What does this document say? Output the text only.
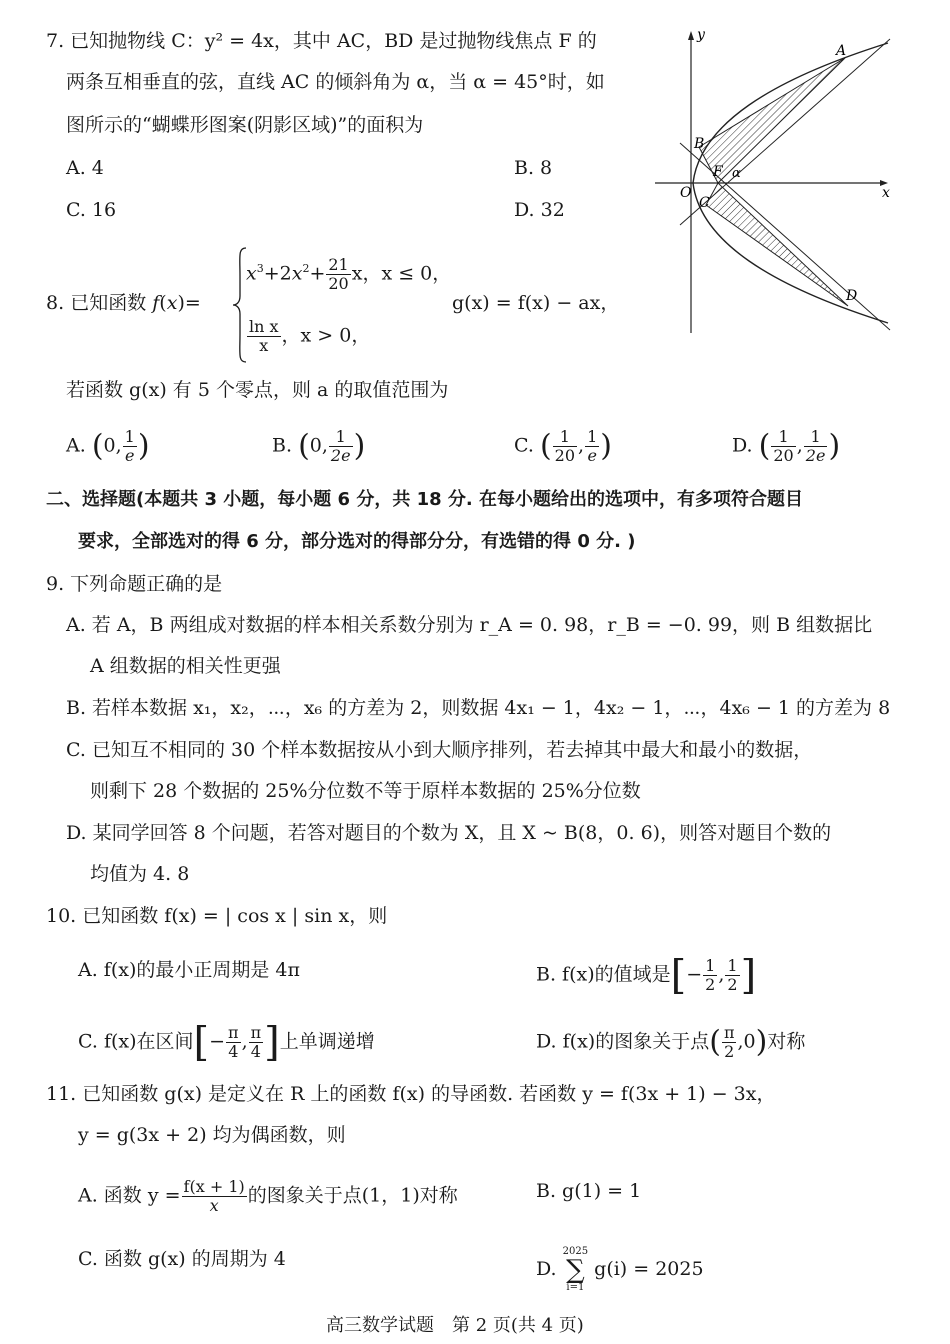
7. 已知抛物线 C：y² = 4x，其中 AC，BD 是过抛物线焦点 F 的
两条互相垂直的弦，直线 AC 的倾斜角为 α，当 α = 45°时，如
图所示的“蝴蝶形图案(阴影区域)”的面积为
A. 4	B. 8
C. 16	D. 32
y
x
O
A
B
C
D
F α
8. 已知函数 f(x)=
$x^3+2x^2+ \frac{21}{20}$ x，x ≤ 0，
$\frac{\text{ln x}}{x}$ ，x > 0，
g(x) = f(x) − ax，
若函数 g(x) 有 5 个零点，则 a 的取值范围为
A. (0, $\frac{1}{e}$ )	B. (0, $\frac{1}{2e}$ )	C. ( $\frac{1}{20}$ , $\frac{1}{e}$ )	D. ( $\frac{1}{20}$ , $\frac{1}{2e}$ )
二、选择题(本题共 3 小题，每小题 6 分，共 18 分. 在每小题给出的选项中，有多项符合题目
要求，全部选对的得 6 分，部分选对的得部分分，有选错的得 0 分. )
9. 下列命题正确的是
A. 若 A，B 两组成对数据的样本相关系数分别为 r_A = 0. 98，r_B = −0. 99，则 B 组数据比
A 组数据的相关性更强
B. 若样本数据 x₁，x₂，⋯，x₆ 的方差为 2，则数据 4x₁ − 1，4x₂ − 1，⋯，4x₆ − 1 的方差为 8
C. 已知互不相同的 30 个样本数据按从小到大顺序排列，若去掉其中最大和最小的数据，
则剩下 28 个数据的 25%分位数不等于原样本数据的 25%分位数
D. 某同学回答 8 个问题，若答对题目的个数为 X，且 X ~ B(8，0. 6)，则答对题目个数的
均值为 4. 8
10. 已知函数 f(x) = | cos x | sin x，则
A. f(x)的最小正周期是 4π	B. f(x)的值域是[− $\frac{1}{2}$ , $\frac{1}{2}$ ]
C. f(x)在区间[− $\frac{\pi}{4}$ , $\frac{\pi}{4}$ ]上单调递增	D. f(x)的图象关于点( $\frac{\pi}{2} ,0$)对称
11. 已知函数 g(x) 是定义在 R 上的函数 f(x) 的导函数. 若函数 y = f(3x + 1) − 3x，
y = g(3x + 2) 均为偶函数，则
A. 函数 $y = \frac{f(x + 1)}{x}$ 的图象关于点(1，1)对称	B. g(1) = 1
C. 函数 g(x) 的周期为 4	D.
2025
∑
i=1
g(i) = 2025
高三数学试题　第 2 页(共 4 页)
